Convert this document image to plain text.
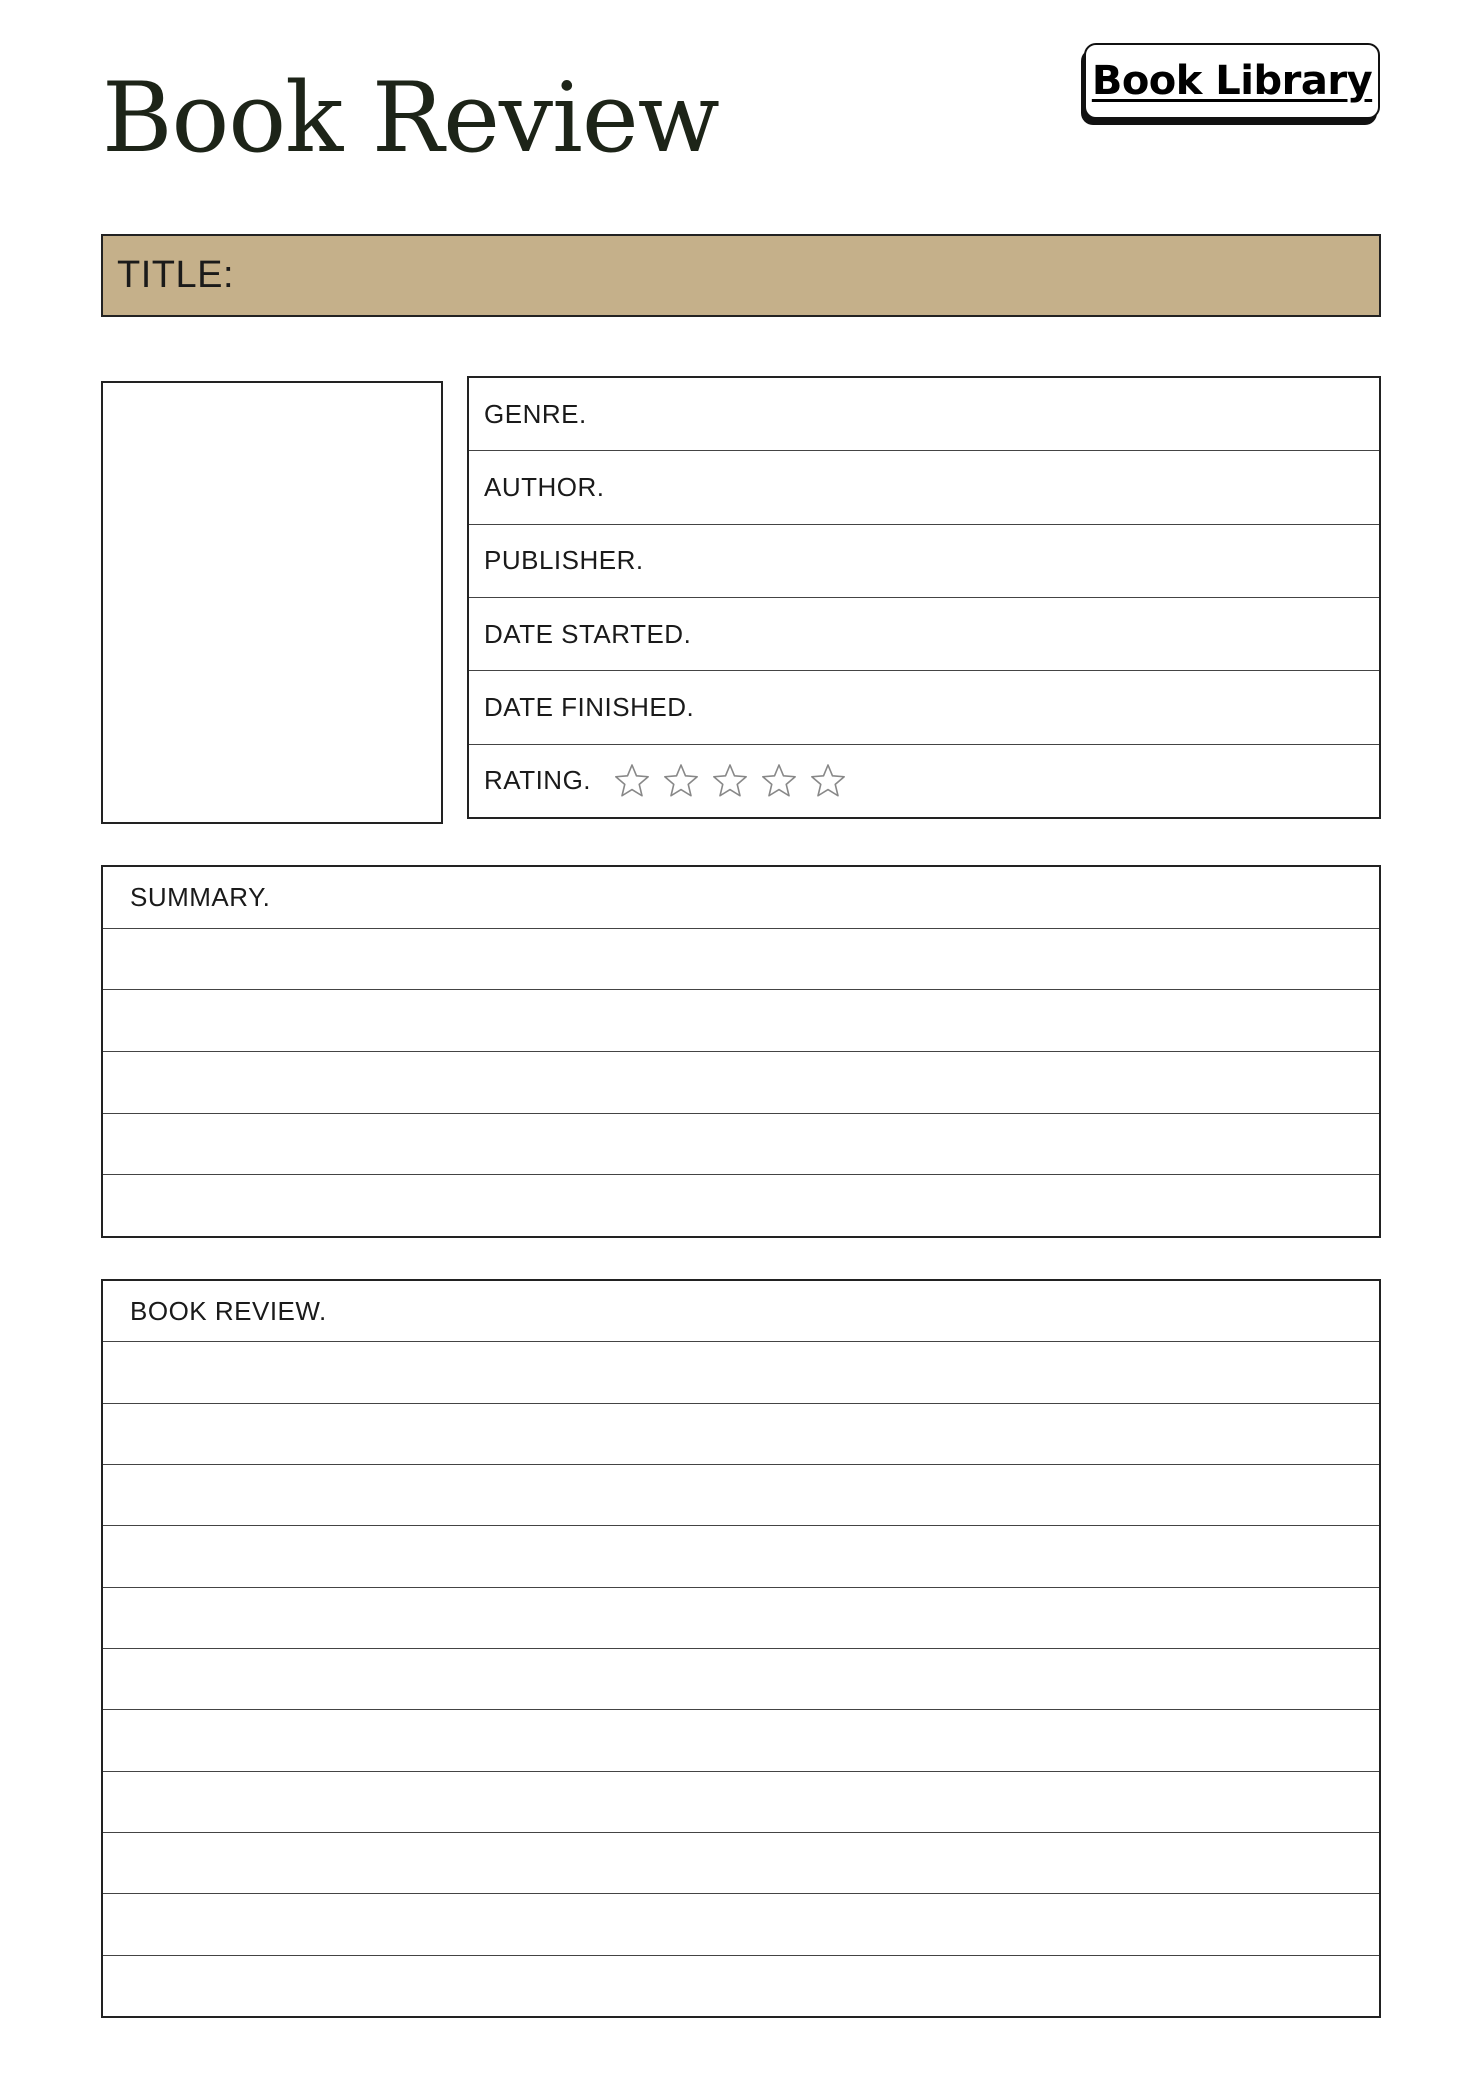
Book Review	Book Library
TITLE:
GENRE.
AUTHOR.
PUBLISHER.
DATE STARTED.
DATE FINISHED.
RATING.
SUMMARY.
BOOK REVIEW.
